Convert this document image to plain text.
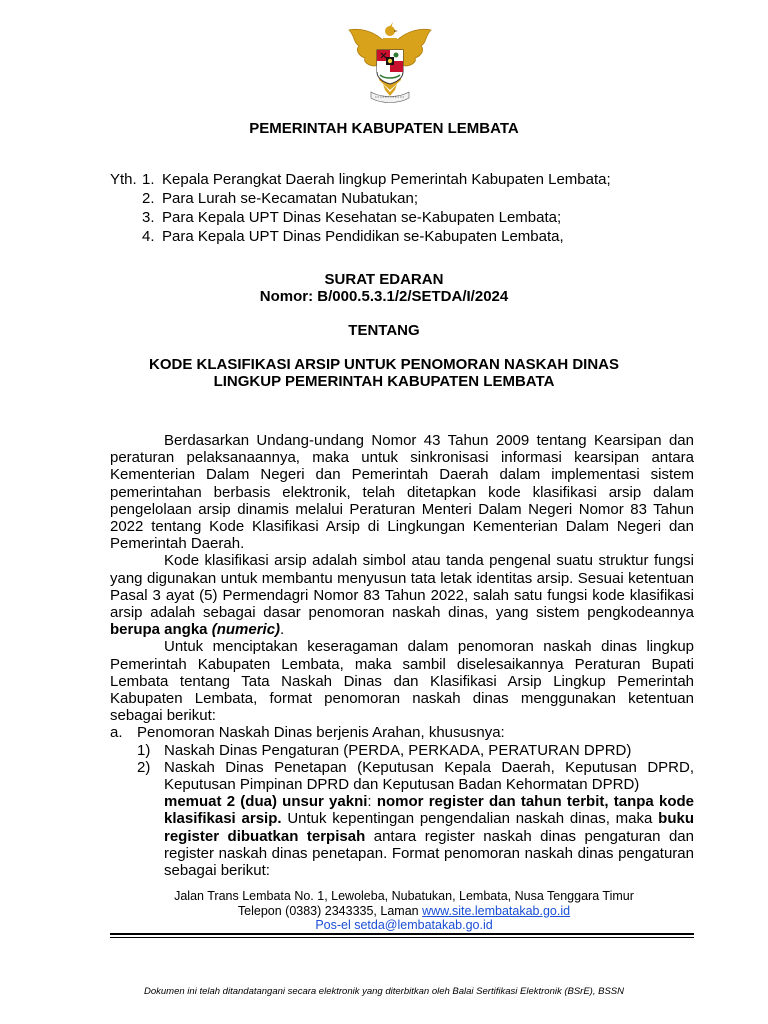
PEMERINTAH KABUPATEN LEMBATA
Yth. 1. Kepala Perangkat Daerah lingkup Pemerintah Kabupaten Lembata;
2. Para Lurah se-Kecamatan Nubatukan;
3. Para Kepala UPT Dinas Kesehatan se-Kabupaten Lembata;
4. Para Kepala UPT Dinas Pendidikan se-Kabupaten Lembata,
SURAT EDARAN
Nomor: B/000.5.3.1/2/SETDA/I/2024
TENTANG
KODE KLASIFIKASI ARSIP UNTUK PENOMORAN NASKAH DINAS
LINGKUP PEMERINTAH KABUPATEN LEMBATA

Berdasarkan Undang-undang Nomor 43 Tahun 2009 tentang Kearsipan dan peraturan pelaksanaannya, maka untuk sinkronisasi informasi kearsipan antara Kementerian Dalam Negeri dan Pemerintah Daerah dalam implementasi sistem pemerintahan berbasis elektronik, telah ditetapkan kode klasifikasi arsip dalam pengelolaan arsip dinamis melalui Peraturan Menteri Dalam Negeri Nomor 83 Tahun 2022 tentang Kode Klasifikasi Arsip di Lingkungan Kementerian Dalam Negeri dan Pemerintah Daerah.

Kode klasifikasi arsip adalah simbol atau tanda pengenal suatu struktur fungsi yang digunakan untuk membantu menyusun tata letak identitas arsip. Sesuai ketentuan Pasal 3 ayat (5) Permendagri Nomor 83 Tahun 2022, salah satu fungsi kode klasifikasi arsip adalah sebagai dasar penomoran naskah dinas, yang sistem pengkodeannya berupa angka (numeric).

Untuk menciptakan keseragaman dalam penomoran naskah dinas lingkup Pemerintah Kabupaten Lembata, maka sambil diselesaikannya Peraturan Bupati Lembata tentang Tata Naskah Dinas dan Klasifikasi Arsip Lingkup Pemerintah Kabupaten Lembata, format penomoran naskah dinas menggunakan ketentuan sebagai berikut:

a. Penomoran Naskah Dinas berjenis Arahan, khususnya:
1) Naskah Dinas Pengaturan (PERDA, PERKADA, PERATURAN DPRD)
2) Naskah Dinas Penetapan (Keputusan Kepala Daerah, Keputusan DPRD, Keputusan Pimpinan DPRD dan Keputusan Badan Kehormatan DPRD)
memuat 2 (dua) unsur yakni: nomor register dan tahun terbit, tanpa kode klasifikasi arsip. Untuk kepentingan pengendalian naskah dinas, maka buku register dibuatkan terpisah antara register naskah dinas pengaturan dan register naskah dinas penetapan. Format penomoran naskah dinas pengaturan sebagai berikut:
Jalan Trans Lembata No. 1, Lewoleba, Nubatukan, Lembata, Nusa Tenggara Timur
Telepon (0383) 2343335, Laman www.site.lembatakab.go.id
Pos-el setda@lembatakab.go.id
Dokumen ini telah ditandatangani secara elektronik yang diterbitkan oleh Balai Sertifikasi Elektronik (BSrE), BSSN
